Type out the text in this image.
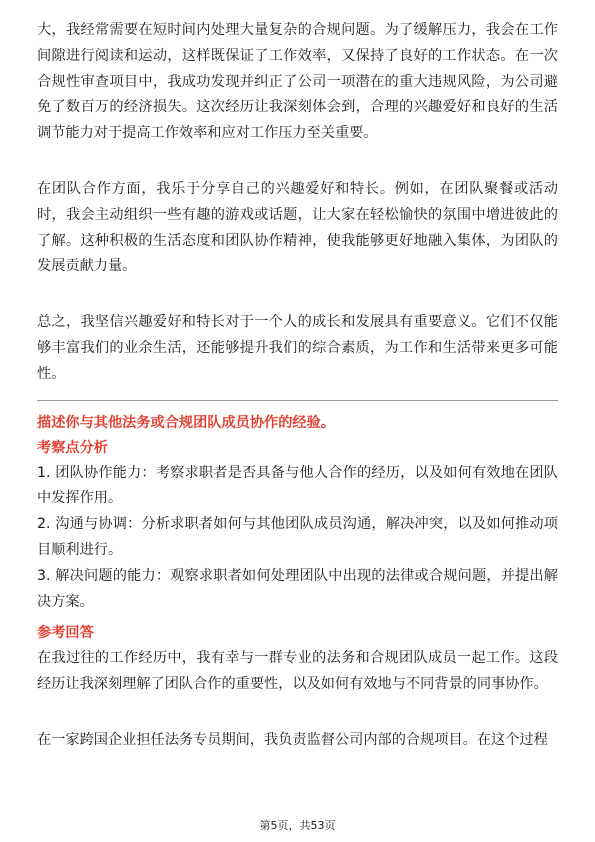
大，我经常需要在短时间内处理大量复杂的合规问题。为了缓解压力，我会在工作间隙进行阅读和运动，这样既保证了工作效率，又保持了良好的工作状态。在一次合规性审查项目中，我成功发现并纠正了公司一项潜在的重大违规风险，为公司避免了数百万的经济损失。这次经历让我深刻体会到，合理的兴趣爱好和良好的生活调节能力对于提高工作效率和应对工作压力至关重要。

在团队合作方面，我乐于分享自己的兴趣爱好和特长。例如，在团队聚餐或活动时，我会主动组织一些有趣的游戏或话题，让大家在轻松愉快的氛围中增进彼此的了解。这种积极的生活态度和团队协作精神，使我能够更好地融入集体，为团队的发展贡献力量。

总之，我坚信兴趣爱好和特长对于一个人的成长和发展具有重要意义。它们不仅能够丰富我们的业余生活，还能够提升我们的综合素质，为工作和生活带来更多可能性。

描述你与其他法务或合规团队成员协作的经验。

考察点分析

1. 团队协作能力：考察求职者是否具备与他人合作的经历，以及如何有效地在团队中发挥作用。

2. 沟通与协调：分析求职者如何与其他团队成员沟通，解决冲突，以及如何推动项目顺利进行。

3. 解决问题的能力：观察求职者如何处理团队中出现的法律或合规问题，并提出解决方案。

参考回答

在我过往的工作经历中，我有幸与一群专业的法务和合规团队成员一起工作。这段经历让我深刻理解了团队合作的重要性，以及如何有效地与不同背景的同事协作。

在一家跨国企业担任法务专员期间，我负责监督公司内部的合规项目。在这个过程

第5页，共53页
